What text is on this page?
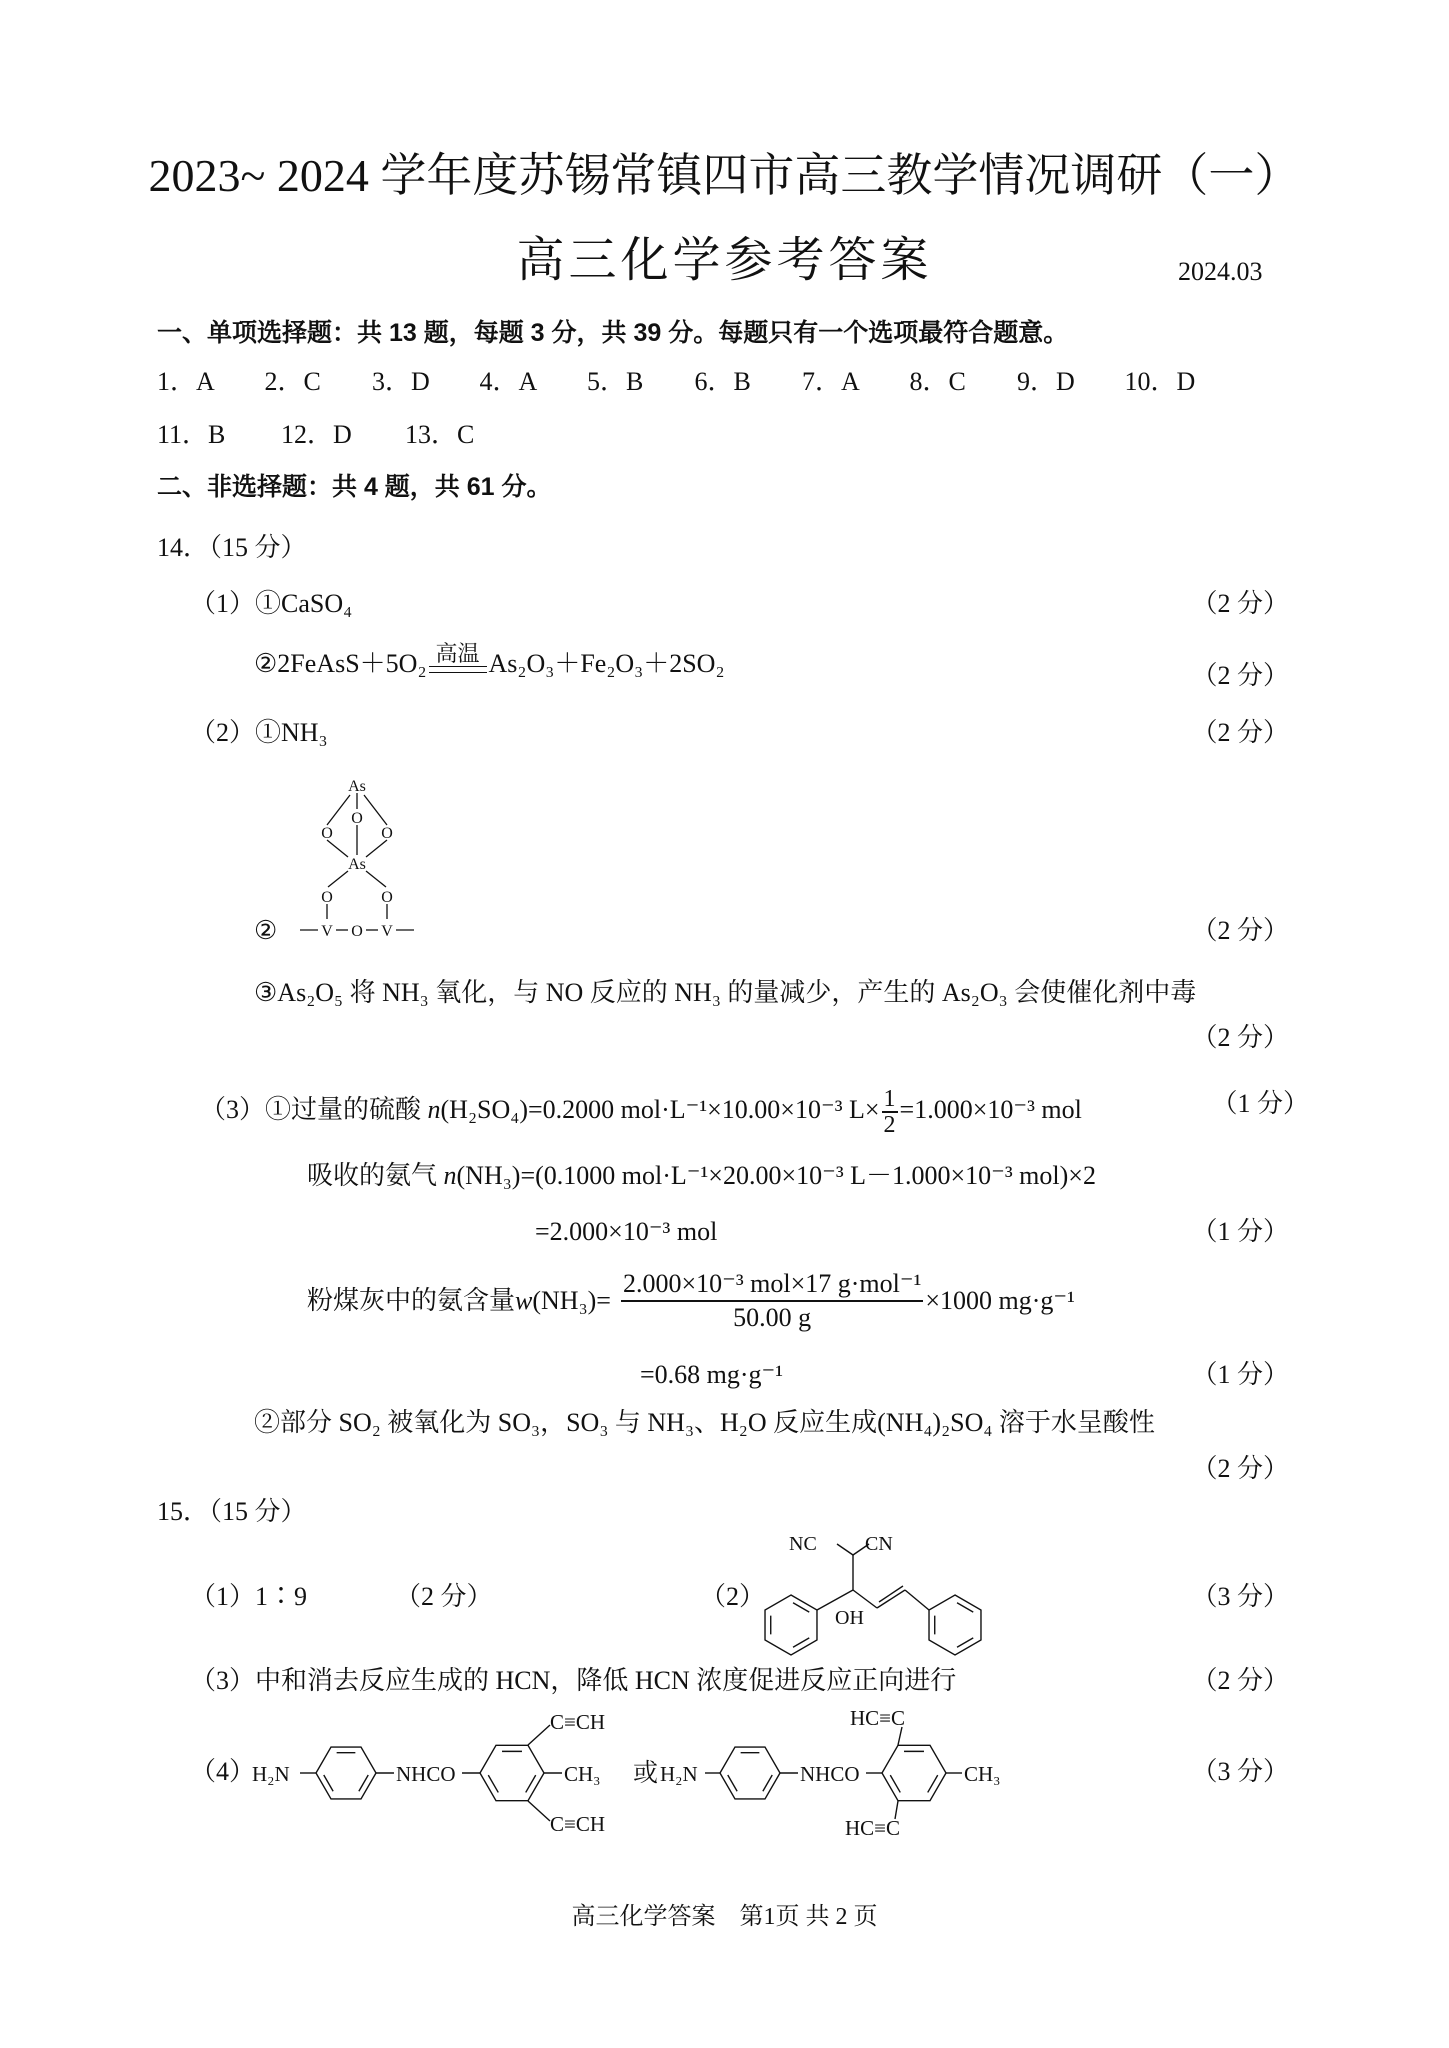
2023~ 2024 学年度苏锡常镇四市高三教学情况调研（一）
高三化学参考答案	2024.03
一、单项选择题：共 13 题，每题 3 分，共 39 分。每题只有一个选项最符合题意。
1．A	2．C	3．D	4．A	5．B	6．B	7．A	8．C	9．D	10．D
11．B	12．D	13．C
二、非选择题：共 4 题，共 61 分。
14．（15 分）
（1）①CaSO₄	（2 分）
②2FeAsS＋5O₂ 高温 As₂O₃＋Fe₂O₃＋2SO₂	（2 分）
（2）①NH₃	（2 分）
②
As
O
O	O
As
O	O
V O V	（2 分）
③As₂O₅ 将 NH₃ 氧化，与 NO 反应的 NH₃ 的量减少，产生的 As₂O₃ 会使催化剂中毒
（2 分）
（3）①过量的硫酸 n(H₂SO₄)=0.2000 mol·L⁻¹×10.00×10⁻³ $L\times \frac{1}{2} =1.000\times 10^{-3}$ mol	（1 分）
吸收的氨气 n(NH₃)=(0.1000 mol·L⁻¹×20.00×10⁻³ L－1.000×10⁻³ mol)×2
=2.000×10⁻³ mol	（1 分）
粉煤灰中的氨含量 w $(NH_3)= \frac{\text{2.000×10⁻³ mol×17 g·mol⁻¹}}{50.00 g} \times 1000$ mg·g⁻¹
=0.68 mg·g⁻¹	（1 分）
②部分 SO₂ 被氧化为 SO₃，SO₃ 与 NH₃、H₂O 反应生成(NH₄)₂SO₄ 溶于水呈酸性
（2 分）
15．（15 分）
（1）1∶9	（2 分）	（2）
NC CN
OH
（3 分）
（3）中和消去反应生成的 HCN，降低 HCN 浓度促进反应正向进行	（2 分）
（4）
H₂N	NHCO
C≡CH
CH₃
C≡CH
或 H₂N	NHCO
HC≡C
CH₃
HC≡C
（3 分）
高三化学答案　第1页 共 2 页
